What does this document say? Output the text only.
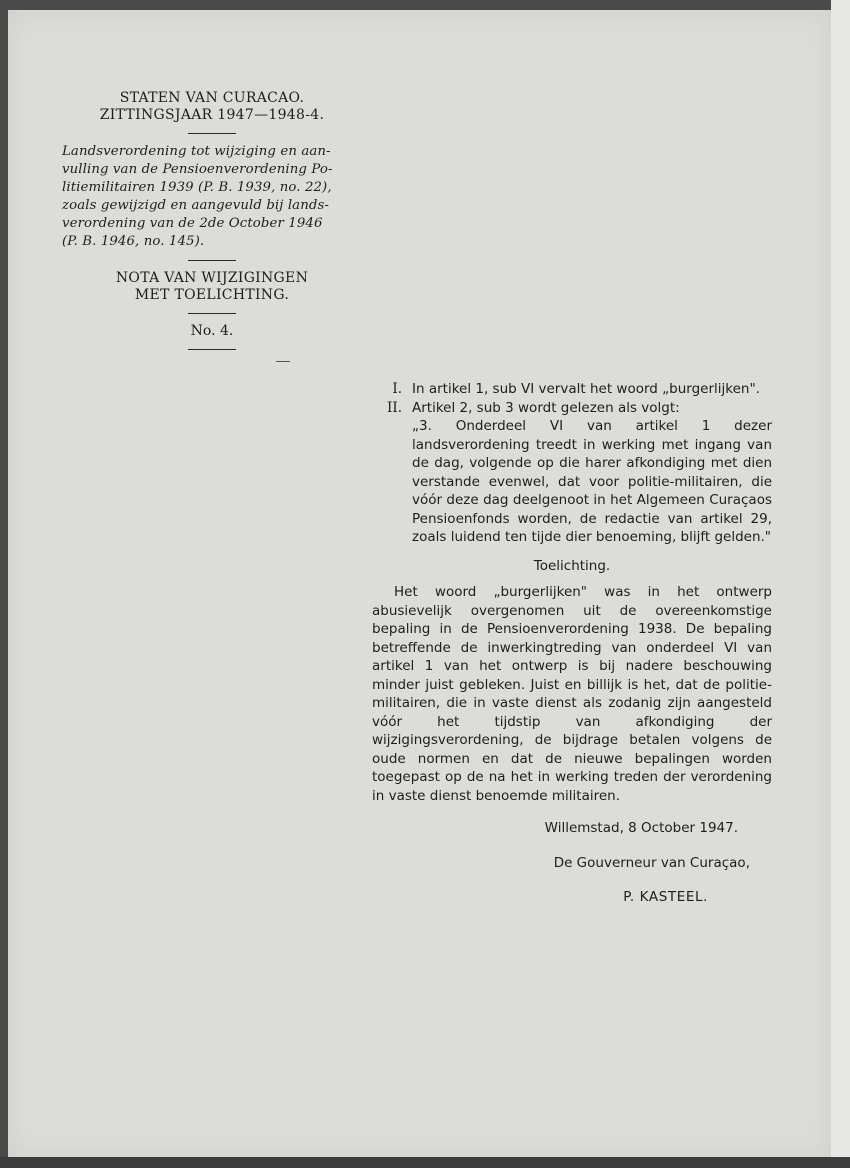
STATEN VAN CURACAO.
ZITTINGSJAAR 1947—1948-4.
Landsverordening tot wijziging en aan-
vulling van de Pensioenverordening Po-
litiemilitairen 1939 (P. B. 1939, no. 22),
zoals gewijzigd en aangevuld bij lands-
verordening van de 2de October 1946
(P. B. 1946, no. 145).
NOTA VAN WIJZIGINGEN
MET TOELICHTING.
No. 4.
I. In artikel 1, sub VI vervalt het woord „burgerlijken".
II. Artikel 2, sub 3 wordt gelezen als volgt:
„3. Onderdeel VI van artikel 1 dezer landsverordening treedt in werking met ingang van de dag, volgende op die harer afkondiging met dien verstande evenwel, dat voor politie-militairen, die vóór deze dag deelgenoot in het Algemeen Curaçaos Pensioenfonds worden, de redactie van artikel 29, zoals luidend ten tijde dier benoeming, blijft gelden."
Toelichting.
Het woord „burgerlijken" was in het ontwerp abusievelijk overgenomen uit de overeenkomstige bepaling in de Pensioenverordening 1938. De bepaling betreffende de inwerkingtreding van onderdeel VI van artikel 1 van het ontwerp is bij nadere beschouwing minder juist gebleken. Juist en billijk is het, dat de politie-militairen, die in vaste dienst als zodanig zijn aangesteld vóór het tijdstip van afkondiging der wijzigingsverordening, de bijdrage betalen volgens de oude normen en dat de nieuwe bepalingen worden toegepast op de na het in werking treden der verordening in vaste dienst benoemde militairen.
Willemstad, 8 October 1947.
De Gouverneur van Curaçao,
P. KASTEEL.
